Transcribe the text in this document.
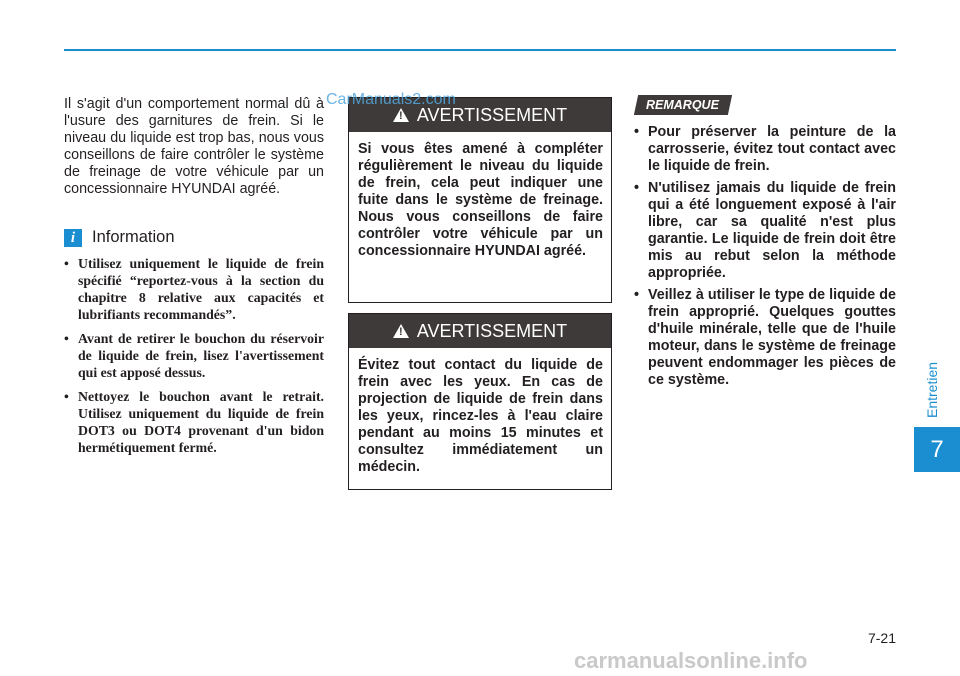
Il s'agit d'un comportement normal dû à l'usure des garnitures de frein. Si le niveau du liquide est trop bas, nous vous conseillons de faire contrôler le système de freinage de votre véhicule par un concessionnaire HYUNDAI agréé.

i	Information
• Utilisez uniquement le liquide de frein spécifié “reportez-vous à la section du chapitre 8 relative aux capacités et lubrifiants recommandés”.
• Avant de retirer le bouchon du réservoir de liquide de frein, lisez l'avertissement qui est apposé dessus.
• Nettoyez le bouchon avant le retrait. Utilisez uniquement du liquide de frein DOT3 ou DOT4 provenant d'un bidon hermétiquement fermé.
! AVERTISSEMENT

Si vous êtes amené à compléter régulièrement le niveau du liquide de frein, cela peut indiquer une fuite dans le système de freinage. Nous vous conseillons de faire contrôler votre véhicule par un concessionnaire HYUNDAI agréé.

! AVERTISSEMENT

Évitez tout contact du liquide de frein avec les yeux. En cas de projection de liquide de frein dans les yeux, rincez-les à l'eau claire pendant au moins 15 minutes et consultez immédiatement un médecin.

REMARQUE
• Pour préserver la peinture de la carrosserie, évitez tout contact avec le liquide de frein.
• N'utilisez jamais du liquide de frein qui a été longuement exposé à l'air libre, car sa qualité n'est plus garantie. Le liquide de frein doit être mis au rebut selon la méthode appropriée.
• Veillez à utiliser le type de liquide de frein approprié. Quelques gouttes d'huile minérale, telle que de l'huile moteur, dans le système de freinage peuvent endommager les pièces de ce système.	Entretien
7
7-21
CarManuals2.com
carmanualsonline.info
